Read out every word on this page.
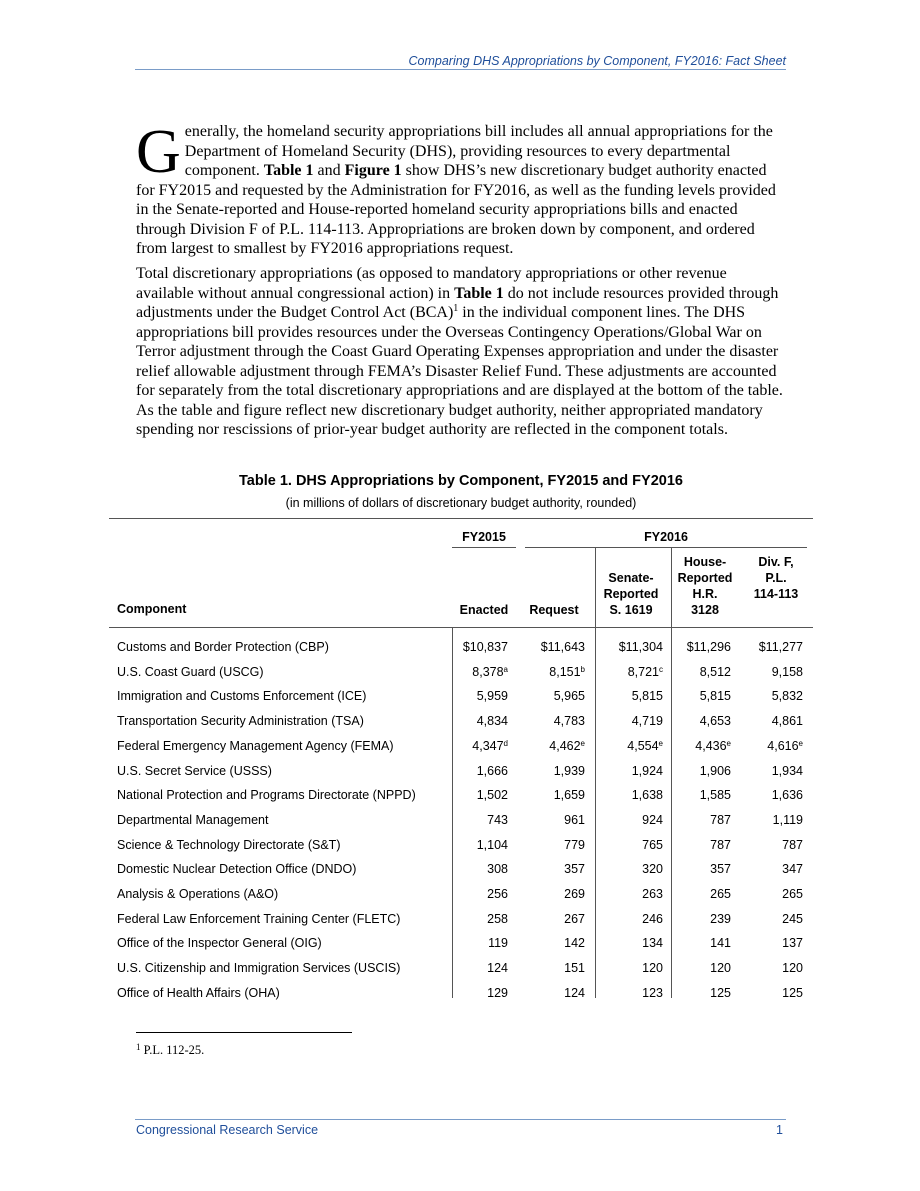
Comparing DHS Appropriations by Component, FY2016: Fact Sheet
Generally, the homeland security appropriations bill includes all annual appropriations for the Department of Homeland Security (DHS), providing resources to every departmental component. Table 1 and Figure 1 show DHS’s new discretionary budget authority enacted for FY2015 and requested by the Administration for FY2016, as well as the funding levels provided in the Senate-reported and House-reported homeland security appropriations bills and enacted through Division F of P.L. 114-113. Appropriations are broken down by component, and ordered from largest to smallest by FY2016 appropriations request.
Total discretionary appropriations (as opposed to mandatory appropriations or other revenue available without annual congressional action) in Table 1 do not include resources provided through adjustments under the Budget Control Act (BCA)$^1$ in the individual component lines. The DHS appropriations bill provides resources under the Overseas Contingency Operations/Global War on Terror adjustment through the Coast Guard Operating Expenses appropriation and under the disaster relief allowable adjustment through FEMA’s Disaster Relief Fund. These adjustments are accounted for separately from the total discretionary appropriations and are displayed at the bottom of the table. As the table and figure reflect new discretionary budget authority, neither appropriated mandatory spending nor rescissions of prior-year budget authority are reflected in the component totals.
Table 1. DHS Appropriations by Component, FY2015 and FY2016
(in millions of dollars of discretionary budget authority, rounded)
FY2015	FY2016
Component	Enacted	Request
Senate-
Reported
S. 1619
House-
Reported
H.R.
3128
Div. F,
P.L.
114-113
Customs and Border Protection (CBP)	$10,837	$11,643	$11,304 $11,296 $11,277
U.S. Coast Guard (USCG)	8,378$^a$	8,151$^b$	8,721$^c$	8,512	9,158
Immigration and Customs Enforcement (ICE)	5,959	5,965	5,815	5,815	5,832
Transportation Security Administration (TSA)	4,834	4,783	4,719	4,653	4,861
Federal Emergency Management Agency (FEMA)	4,347$^d$	4,462e	4,554e	4,436e	4,616e
U.S. Secret Service (USSS)	1,666	1,939	1,924	1,906	1,934
National Protection and Programs Directorate (NPPD)	1,502	1,659	1,638	1,585	1,636
Departmental Management	743	961	924	787	1,119
Science & Technology Directorate (S&T)	1,104	779	765	787	787
Domestic Nuclear Detection Office (DNDO)	308	357	320	357	347
Analysis & Operations (A&O)	256	269	263	265	265
Federal Law Enforcement Training Center (FLETC)	258	267	246	239	245
Office of the Inspector General (OIG)	119	142	134	141	137
U.S. Citizenship and Immigration Services (USCIS)	124	151	120	120	120
Office of Health Affairs (OHA)	129	124	123	125	125
$^1$ P.L. 112-25.
Congressional Research Service	1
